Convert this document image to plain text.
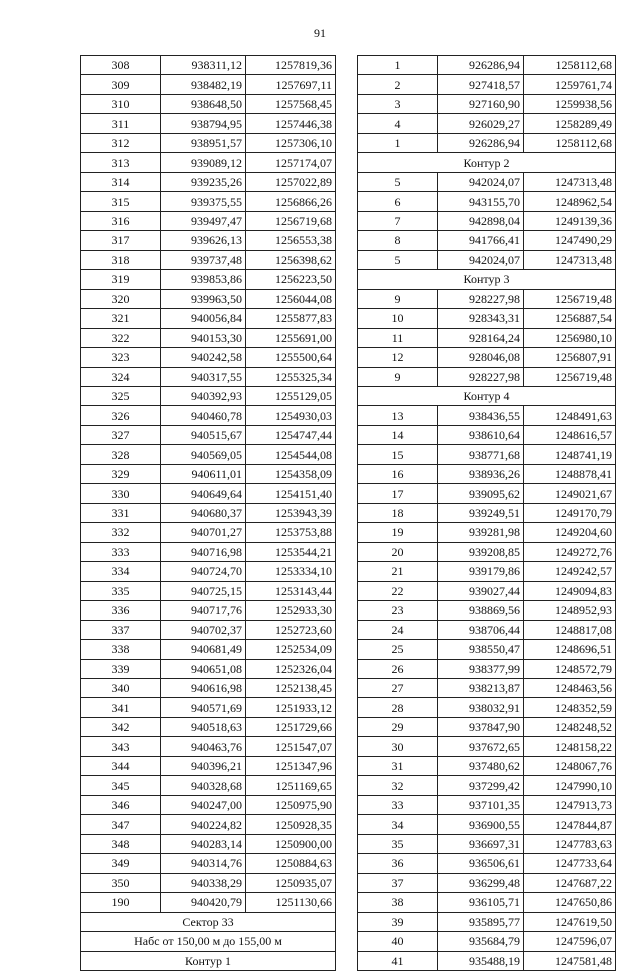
91
308	938311,12	1257819,36
309	938482,19	1257697,11
310	938648,50	1257568,45
311	938794,95	1257446,38
312	938951,57	1257306,10
313	939089,12	1257174,07
314	939235,26	1257022,89
315	939375,55	1256866,26
316	939497,47	1256719,68
317	939626,13	1256553,38
318	939737,48	1256398,62
319	939853,86	1256223,50
320	939963,50	1256044,08
321	940056,84	1255877,83
322	940153,30	1255691,00
323	940242,58	1255500,64
324	940317,55	1255325,34
325	940392,93	1255129,05
326	940460,78	1254930,03
327	940515,67	1254747,44
328	940569,05	1254544,08
329	940611,01	1254358,09
330	940649,64	1254151,40
331	940680,37	1253943,39
332	940701,27	1253753,88
333	940716,98	1253544,21
334	940724,70	1253334,10
335	940725,15	1253143,44
336	940717,76	1252933,30
337	940702,37	1252723,60
338	940681,49	1252534,09
339	940651,08	1252326,04
340	940616,98	1252138,45
341	940571,69	1251933,12
342	940518,63	1251729,66
343	940463,76	1251547,07
344	940396,21	1251347,96
345	940328,68	1251169,65
346	940247,00	1250975,90
347	940224,82	1250928,35
348	940283,14	1250900,00
349	940314,76	1250884,63
350	940338,29	1250935,07
190	940420,79	1251130,66
Сектор 33		
Набс от 150,00 м до 155,00 м		
Контур 1		
1	926286,94	1258112,68
2	927418,57	1259761,74
3	927160,90	1259938,56
4	926029,27	1258289,49
1	926286,94	1258112,68
Контур 2		
5	942024,07	1247313,48
6	943155,70	1248962,54
7	942898,04	1249139,36
8	941766,41	1247490,29
5	942024,07	1247313,48
Контур 3		
9	928227,98	1256719,48
10	928343,31	1256887,54
11	928164,24	1256980,10
12	928046,08	1256807,91
9	928227,98	1256719,48
Контур 4		
13	938436,55	1248491,63
14	938610,64	1248616,57
15	938771,68	1248741,19
16	938936,26	1248878,41
17	939095,62	1249021,67
18	939249,51	1249170,79
19	939281,98	1249204,60
20	939208,85	1249272,76
21	939179,86	1249242,57
22	939027,44	1249094,83
23	938869,56	1248952,93
24	938706,44	1248817,08
25	938550,47	1248696,51
26	938377,99	1248572,79
27	938213,87	1248463,56
28	938032,91	1248352,59
29	937847,90	1248248,52
30	937672,65	1248158,22
31	937480,62	1248067,76
32	937299,42	1247990,10
33	937101,35	1247913,73
34	936900,55	1247844,87
35	936697,31	1247783,63
36	936506,61	1247733,64
37	936299,48	1247687,22
38	936105,71	1247650,86
39	935895,77	1247619,50
40	935684,79	1247596,07
41	935488,19	1247581,48
